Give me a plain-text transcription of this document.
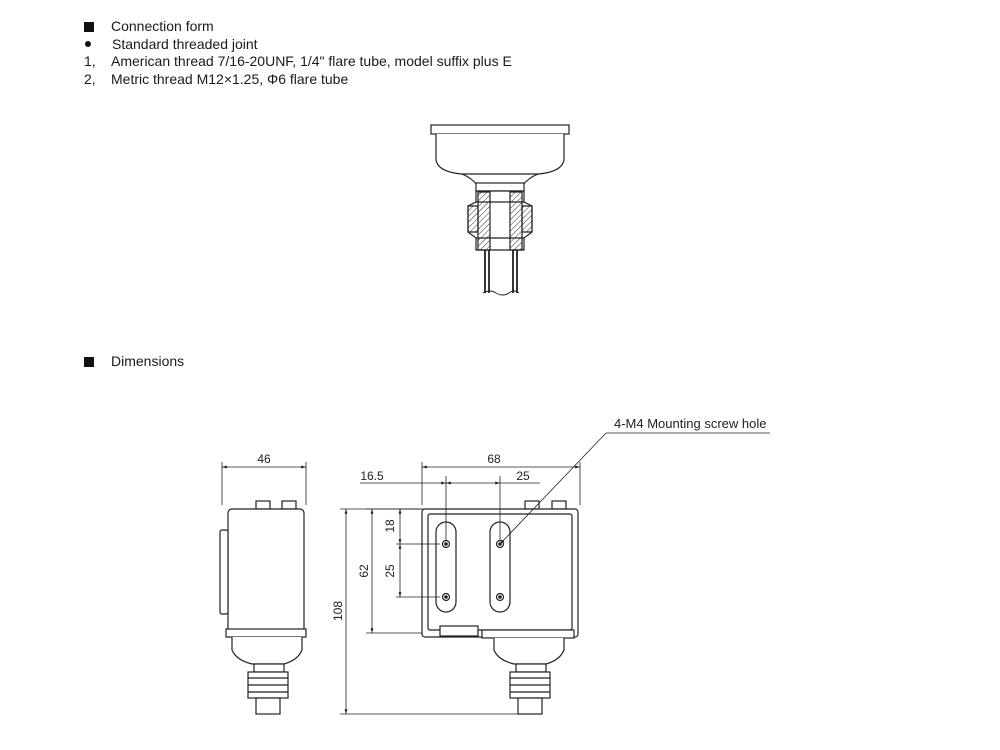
Connection form
Standard threaded joint
1, American thread 7/16-20UNF, 1/4" flare tube, model suffix plus E
2, Metric thread M12×1.25, Φ6 flare tube
Dimensions
46	68
16.5	25
18
25
62
108
4-M4 Mounting screw hole
